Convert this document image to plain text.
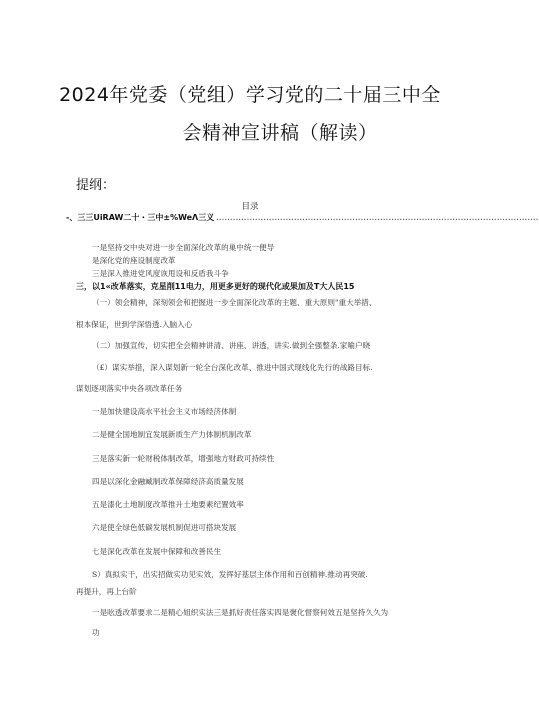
2024年党委（党组）学习党的二十届三中全
会精神宣讲稿（解读）
提纲：
目录
-、三三UiRAW二十・三中±%WeΛ三义 ....................................................................................................................
一是坚持交中央对进一步全面深化改革的巢中统一便导
是深化党的座设制度改革
三是深入推进党风度诙甩设和反盾我斗争
三，以1«改革落实，克星削11电力，用更多更好的现代化或果加及T大人民15
（一）领会精神，深刻领会和把握进一步全面深化改革的主题、重大原则"重大举措、
根本保证，世到学深悟透.入脑入心
（二）加强宣传，切实把全会精神讲清、讲座、讲透，讲实.做到全强整条.家喻户晓
（£）谋实举措，深入谋划新一轮全台深化改革、推进中国式现线化先行的战路目标.
谋划逐项落实中央各项改革任务
一是加快建设高水平社会主义市场经济体制
二是健全国地制宜发展新质生产力体制机制改革
三是落实新一轮财税体制改革，增强地方财政可持续性
四是以深化金融臧制改革保障经济高质量发展
五是漆化土地制度改革推升土地要素纪置效率
六是使全绿色低碳发展机制促进可搭块发展
七是深化改革在发展中保障和改善民生
S）真拟实干，出实招做实功见实效，发挥好基层主体作用和百创精神.推动再突破.
再提升，再上台阶
一是吆透改革要求二是精心姐织实法三是抓好责任落实四是褒化督察何效五是坚持久久为
功
